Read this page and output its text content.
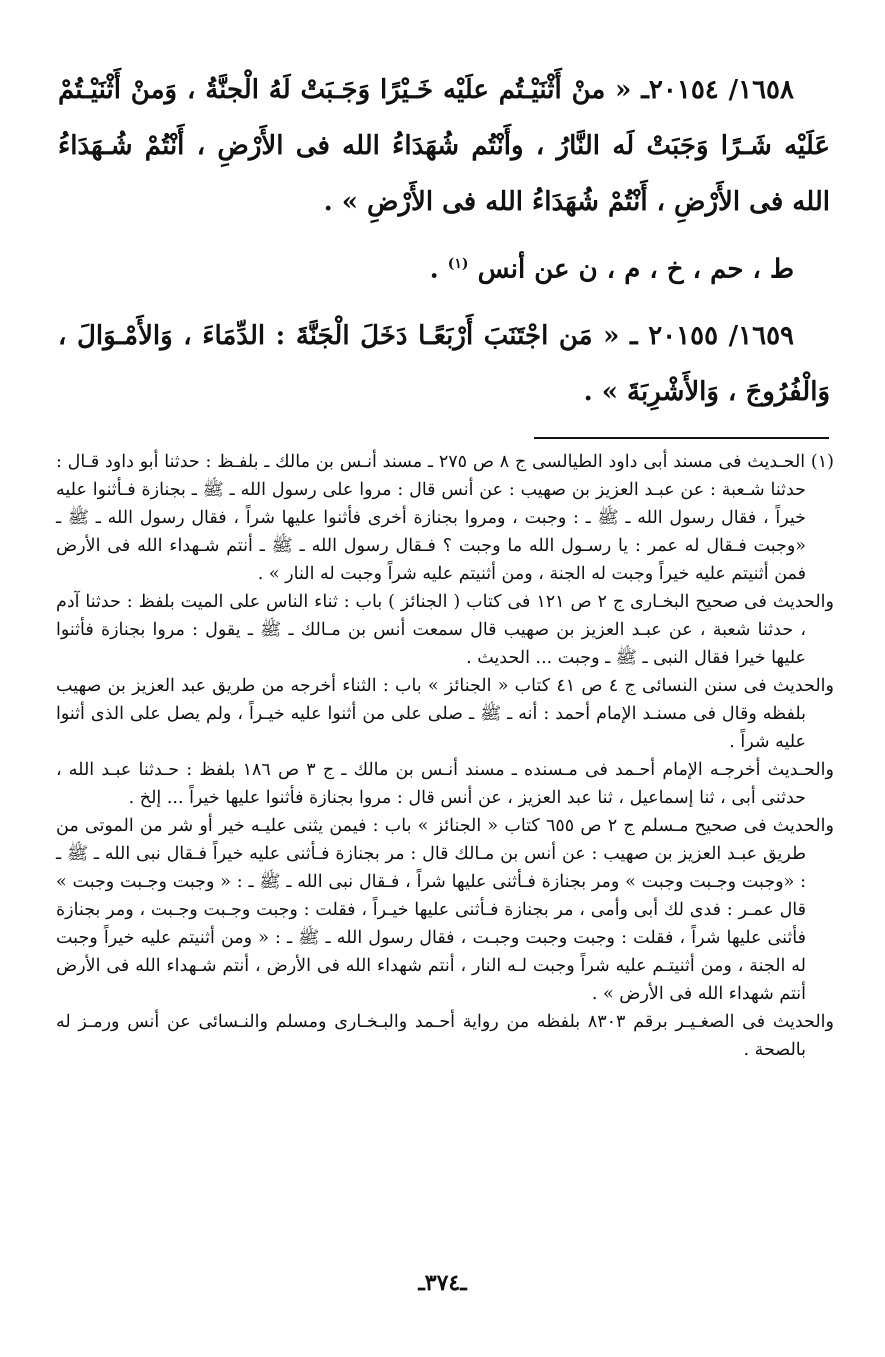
١٦٥٨/ ٢٠١٥٤ـ « منْ أَثْنَيْـتُم علَيْه خَـيْرًا وَجَـبَتْ لَهُ الْجنَّةُ ، وَمنْ أَثْنَيْـتُمْ عَلَيْه شَـرًا وَجَبَتْ لَه النَّارُ ، وأَنْتُم شُهَدَاءُ الله فى الأَرْضِ ، أَنْتُمْ شُـهَدَاءُ الله فى الأَرْضِ ، أَنْتُمْ شُهَدَاءُ الله فى الأَرْضِ » .

ط ، حم ، خ ، م ، ن عن أنس $^{(١)}$ .

١٦٥٩/ ٢٠١٥٥ ـ « مَن اجْتَنَبَ أَرْبَعًـا دَخَلَ الْجَنَّةَ : الدِّمَاءَ ، وَالأَمْـوَالَ ، وَالْفُرُوجَ ، وَالأَشْرِبَةَ » .

(١) الحـديث فى مسند أبى داود الطيالسى ج ٨ ص ٢٧٥ ـ مسند أنـس بن مالك ـ بلفـظ : حدثنا أبو داود قـال : حدثنا شـعبة : عن عبـد العزيز بن صهيب : عن أنس قال : مروا على رسول الله ـ ﷺ ـ بجنازة فـأثنوا عليه خيراً ، فقال رسول الله ـ ﷺ ـ : وجبت ، ومروا بجنازة أخرى فأثنوا عليها شراً ، فقال رسول الله ـ ﷺ ـ «وجبت فـقال له عمر : يا رسـول الله ما وجبت ؟ فـقال رسول الله ـ ﷺ ـ أنتم شـهداء الله فى الأرض فمن أثنيتم عليه خيراً وجبت له الجنة ، ومن أثنيتم عليه شراً وجبت له النار » .

والحديث فى صحيح البخـارى ج ٢ ص ١٢١ فى كتاب ( الجنائز ) باب : ثناء الناس على الميت بلفظ : حدثنا آدم ، حدثنا شعبة ، عن عبـد العزيز بن صهيب قال سمعت أنس بن مـالك ـ ﷺ ـ يقول : مروا بجنازة فأثنوا عليها خيرا فقال النبى ـ ﷺ ـ وجبت ... الحديث .

والحديث فى سنن النسائى ج ٤ ص ٤١ كتاب « الجنائز » باب : الثناء أخرجه من طريق عبد العزيز بن صهيب بلفظه وقال فى مسنـد الإمام أحمد : أنه ـ ﷺ ـ صلى على من أثنوا عليه خيـراً ، ولم يصل على الذى أثنوا عليه شراً .

والحـديث أخرجـه الإمام أحـمد فى مـسنده ـ مسند أنـس بن مالك ـ ج ٣ ص ١٨٦ بلفظ : حـدثنا عبـد الله ، حدثنى أبى ، ثنا إسماعيل ، ثنا عبد العزيز ، عن أنس قال : مروا بجنازة فأثنوا عليها خيراً ... إلخ .

والحديث فى صحيح مـسلم ج ٢ ص ٦٥٥ كتاب « الجنائز » باب : فيمن يثنى عليـه خير أو شر من الموتى من طريق عبـد العزيز بن صهيب : عن أنس بن مـالك قال : مر بجنازة فـأثنى عليه خيراً فـقال نبى الله ـ ﷺ ـ : «وجبت وجـبت وجبت » ومر بجنازة فـأثنى عليها شراً ، فـقال نبى الله ـ ﷺ ـ : « وجبت وجـبت وجبت » قال عمـر : فدى لك أبى وأمى ، مر بجنازة فـأثنى عليها خيـراً ، فقلت : وجبت وجـبت وجـبت ، ومر بجنازة فأثنى عليها شراً ، فقلت : وجبت وجبت وجبـت ، فقال رسول الله ـ ﷺ ـ : « ومن أثنيتم عليه خيراً وجبت له الجنة ، ومن أثنيتـم عليه شراً وجبت لـه النار ، أنتم شهداء الله فى الأرض ، أنتم شـهداء الله فى الأرض أنتم شهداء الله فى الأرض » .

والحديث فى الصغـيـر برقم ٨٣٠٣ بلفظه من رواية أحـمد والبـخـارى ومسلم والنـسائى عن أنس ورمـز له بالصحة .

ـ٣٧٤ـ
